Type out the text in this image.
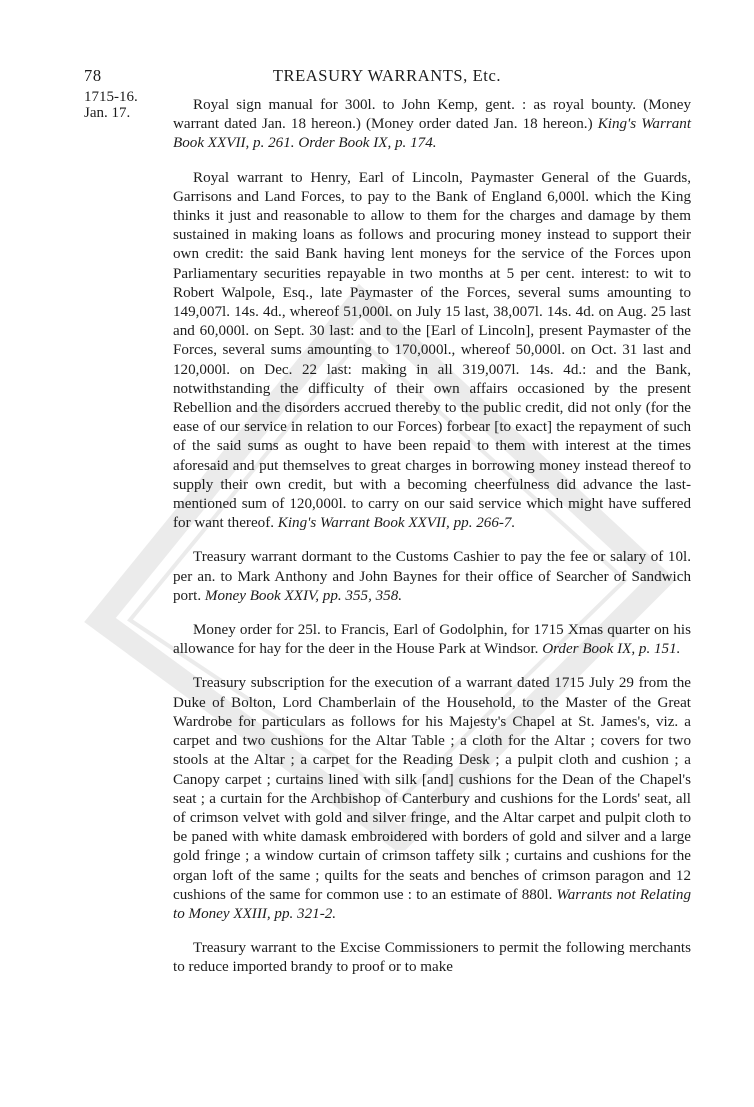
78	TREASURY WARRANTS, Etc.
1715-16.
Jan. 17.	Royal sign manual for 300l. to John Kemp, gent. : as royal bounty. (Money warrant dated Jan. 18 hereon.) (Money order dated Jan. 18 hereon.) King's Warrant Book XXVII, p. 261. Order Book IX, p. 174.

Royal warrant to Henry, Earl of Lincoln, Paymaster General of the Guards, Garrisons and Land Forces, to pay to the Bank of England 6,000l. which the King thinks it just and reasonable to allow to them for the charges and damage by them sustained in making loans as follows and procuring money instead to support their own credit: the said Bank having lent moneys for the service of the Forces upon Parliamentary securities repayable in two months at 5 per cent. interest: to wit to Robert Walpole, Esq., late Paymaster of the Forces, several sums amounting to 149,007l. 14s. 4d., whereof 51,000l. on July 15 last, 38,007l. 14s. 4d. on Aug. 25 last and 60,000l. on Sept. 30 last: and to the [Earl of Lincoln], present Paymaster of the Forces, several sums amounting to 170,000l., whereof 50,000l. on Oct. 31 last and 120,000l. on Dec. 22 last: making in all 319,007l. 14s. 4d.: and the Bank, notwithstanding the difficulty of their own affairs occasioned by the present Rebellion and the disorders accrued thereby to the public credit, did not only (for the ease of our service in relation to our Forces) forbear [to exact] the repayment of such of the said sums as ought to have been repaid to them with interest at the times aforesaid and put themselves to great charges in borrowing money instead thereof to supply their own credit, but with a becoming cheerfulness did advance the last-mentioned sum of 120,000l. to carry on our said service which might have suffered for want thereof. King's Warrant Book XXVII, pp. 266-7.

Treasury warrant dormant to the Customs Cashier to pay the fee or salary of 10l. per an. to Mark Anthony and John Baynes for their office of Searcher of Sandwich port. Money Book XXIV, pp. 355, 358.

Money order for 25l. to Francis, Earl of Godolphin, for 1715 Xmas quarter on his allowance for hay for the deer in the House Park at Windsor. Order Book IX, p. 151.

Treasury subscription for the execution of a warrant dated 1715 July 29 from the Duke of Bolton, Lord Chamberlain of the Household, to the Master of the Great Wardrobe for particulars as follows for his Majesty's Chapel at St. James's, viz. a carpet and two cushions for the Altar Table ; a cloth for the Altar ; covers for two stools at the Altar ; a carpet for the Reading Desk ; a pulpit cloth and cushion ; a Canopy carpet ; curtains lined with silk [and] cushions for the Dean of the Chapel's seat ; a curtain for the Archbishop of Canterbury and cushions for the Lords' seat, all of crimson velvet with gold and silver fringe, and the Altar carpet and pulpit cloth to be paned with white damask embroidered with borders of gold and silver and a large gold fringe ; a window curtain of crimson taffety silk ; curtains and cushions for the organ loft of the same ; quilts for the seats and benches of crimson paragon and 12 cushions of the same for common use : to an estimate of 880l. Warrants not Relating to Money XXIII, pp. 321-2.

Treasury warrant to the Excise Commissioners to permit the following merchants to reduce imported brandy to proof or to make
